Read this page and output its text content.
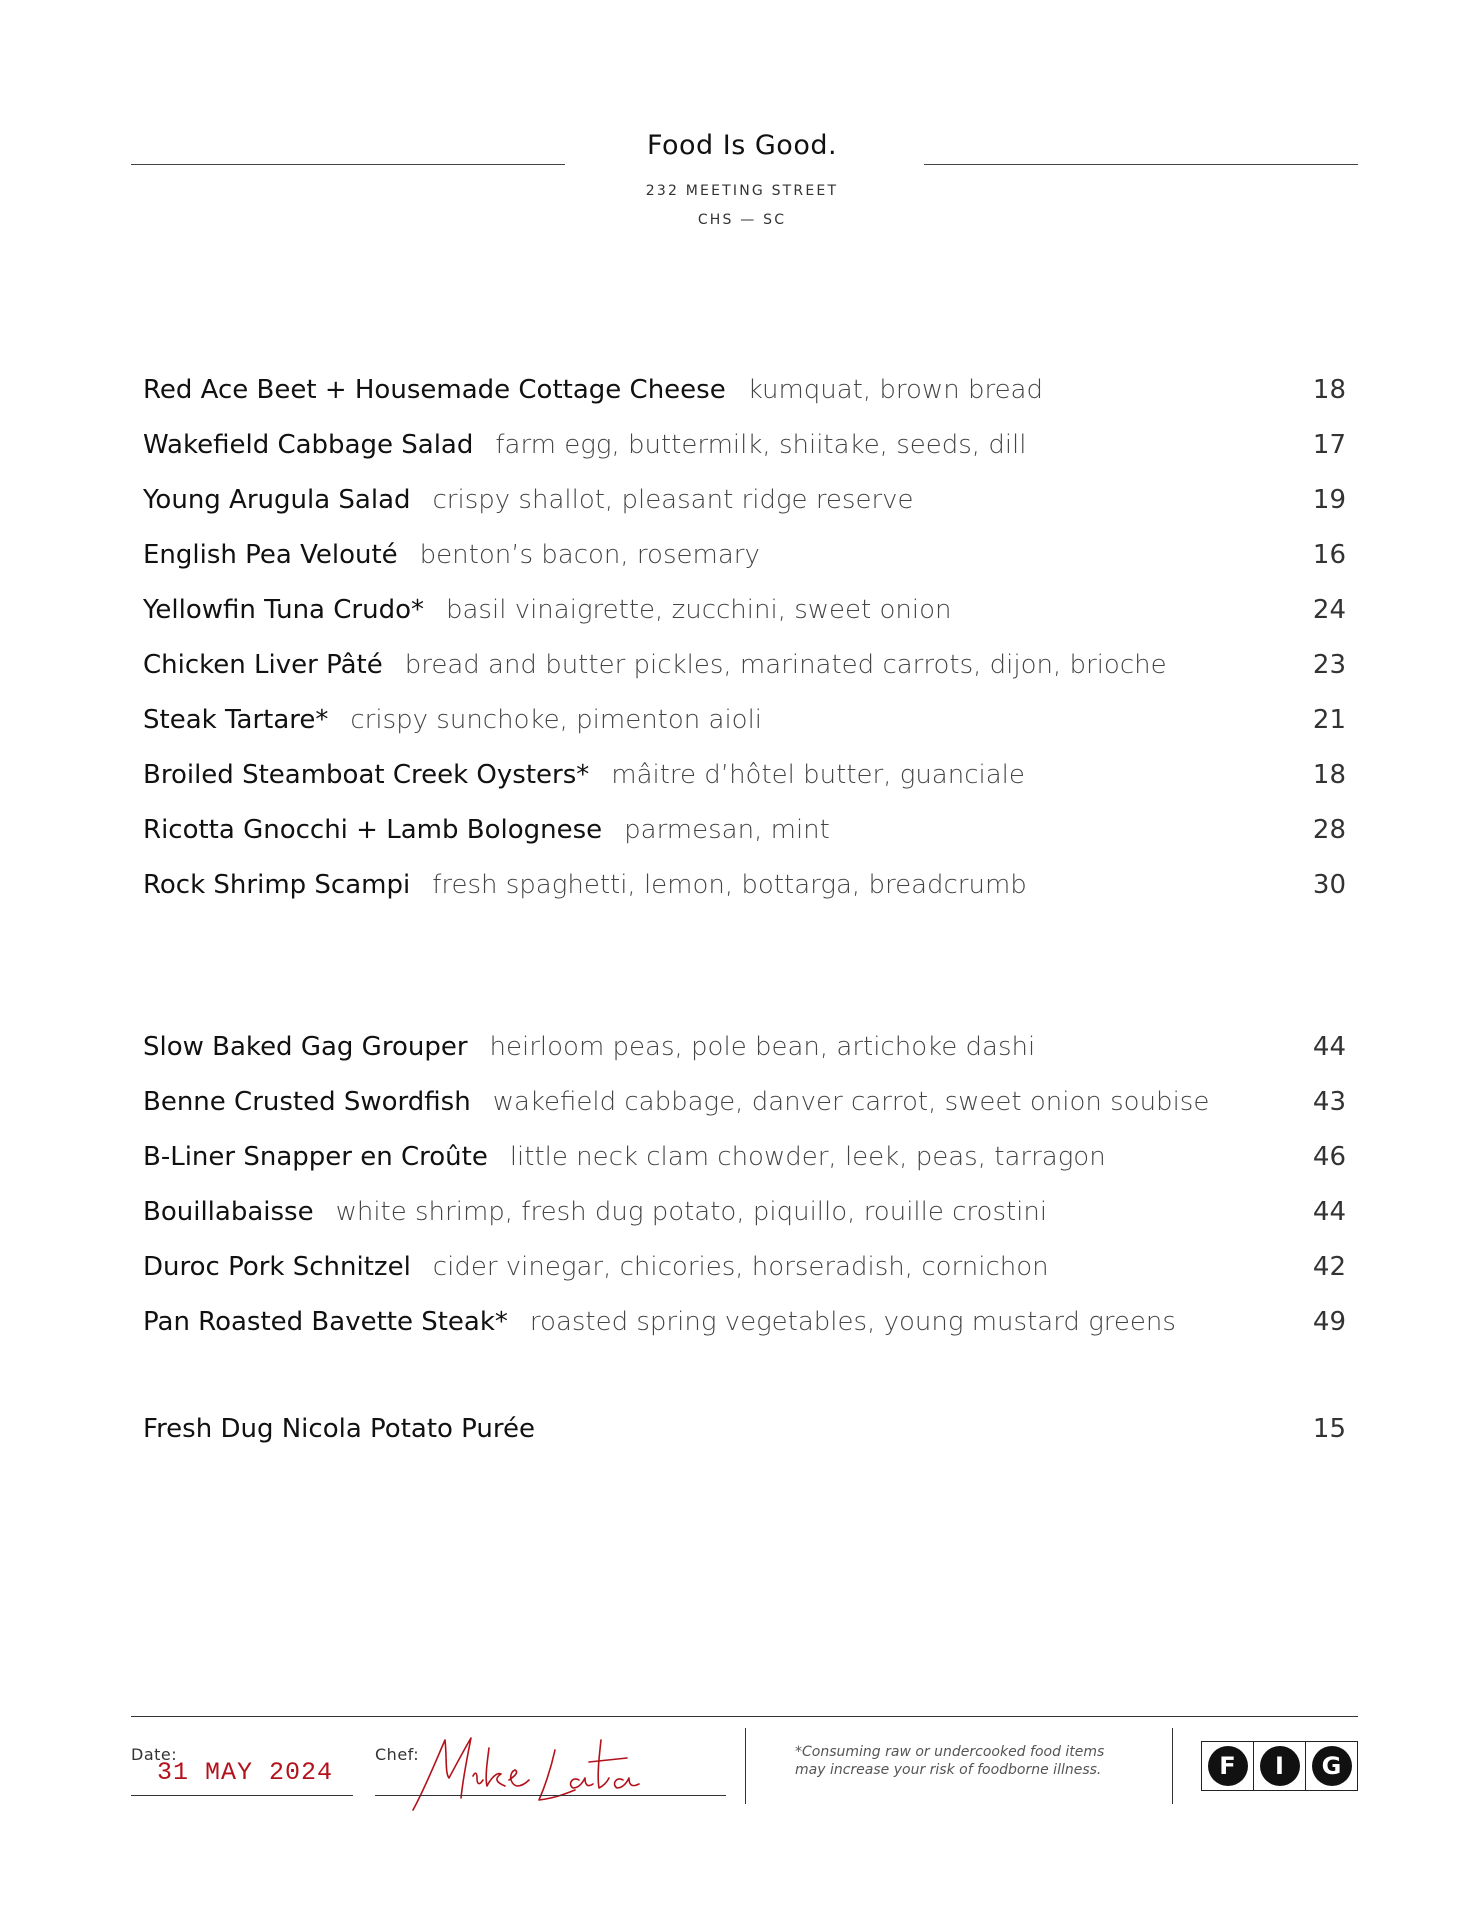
Food Is Good.
232 MEETING STREET
CHS — SC
Red Ace Beet + Housemade Cottage Cheese kumquat, brown bread	18
Wakefield Cabbage Salad farm egg, buttermilk, shiitake, seeds, dill	17
Young Arugula Salad crispy shallot, pleasant ridge reserve	19
English Pea Velouté benton’s bacon, rosemary	16
Yellowfin Tuna Crudo* basil vinaigrette, zucchini, sweet onion	24
Chicken Liver Pâté bread and butter pickles, marinated carrots, dijon, brioche	23
Steak Tartare* crispy sunchoke, pimenton aioli	21
Broiled Steamboat Creek Oysters* mâitre d’hôtel butter, guanciale	18
Ricotta Gnocchi + Lamb Bolognese parmesan, mint	28
Rock Shrimp Scampi fresh spaghetti, lemon, bottarga, breadcrumb	30
Slow Baked Gag Grouper heirloom peas, pole bean, artichoke dashi	44
Benne Crusted Swordfish wakefield cabbage, danver carrot, sweet onion soubise	43
B-Liner Snapper en Croûte little neck clam chowder, leek, peas, tarragon	46
Bouillabaisse white shrimp, fresh dug potato, piquillo, rouille crostini	44
Duroc Pork Schnitzel cider vinegar, chicories, horseradish, cornichon	42
Pan Roasted Bavette Steak* roasted spring vegetables, young mustard greens	49
Fresh Dug Nicola Potato Purée	15
Date:
31 MAY 2024
Chef:	*Consuming raw or undercooked food items
may increase your risk of foodborne illness.	F	I	G
